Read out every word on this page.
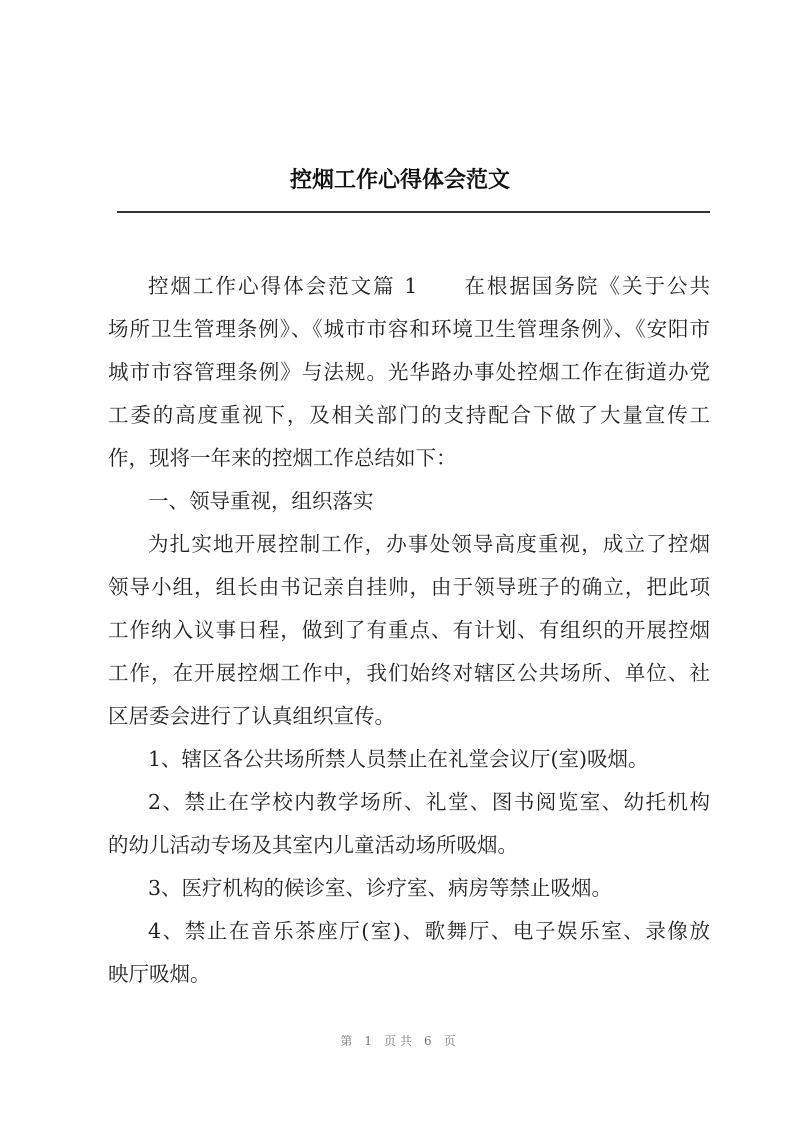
控烟工作心得体会范文
控烟工作心得体会范文篇 1　　在根据国务院《关于公共
场所卫生管理条例》、《城市市容和环境卫生管理条例》、《安阳市
城市市容管理条例》与法规。光华路办事处控烟工作在街道办党
工委的高度重视下，及相关部门的支持配合下做了大量宣传工
作，现将一年来的控烟工作总结如下：
一、领导重视，组织落实
为扎实地开展控制工作，办事处领导高度重视，成立了控烟
领导小组，组长由书记亲自挂帅，由于领导班子的确立，把此项
工作纳入议事日程，做到了有重点、有计划、有组织的开展控烟
工作，在开展控烟工作中，我们始终对辖区公共场所、单位、社
区居委会进行了认真组织宣传。
1、辖区各公共场所禁人员禁止在礼堂会议厅(室)吸烟。
2、禁止在学校内教学场所、礼堂、图书阅览室、幼托机构
的幼儿活动专场及其室内儿童活动场所吸烟。
3、医疗机构的候诊室、诊疗室、病房等禁止吸烟。
4、禁止在音乐茶座厅(室)、歌舞厅、电子娱乐室、录像放
映厅吸烟。
第 1 页共 6 页
